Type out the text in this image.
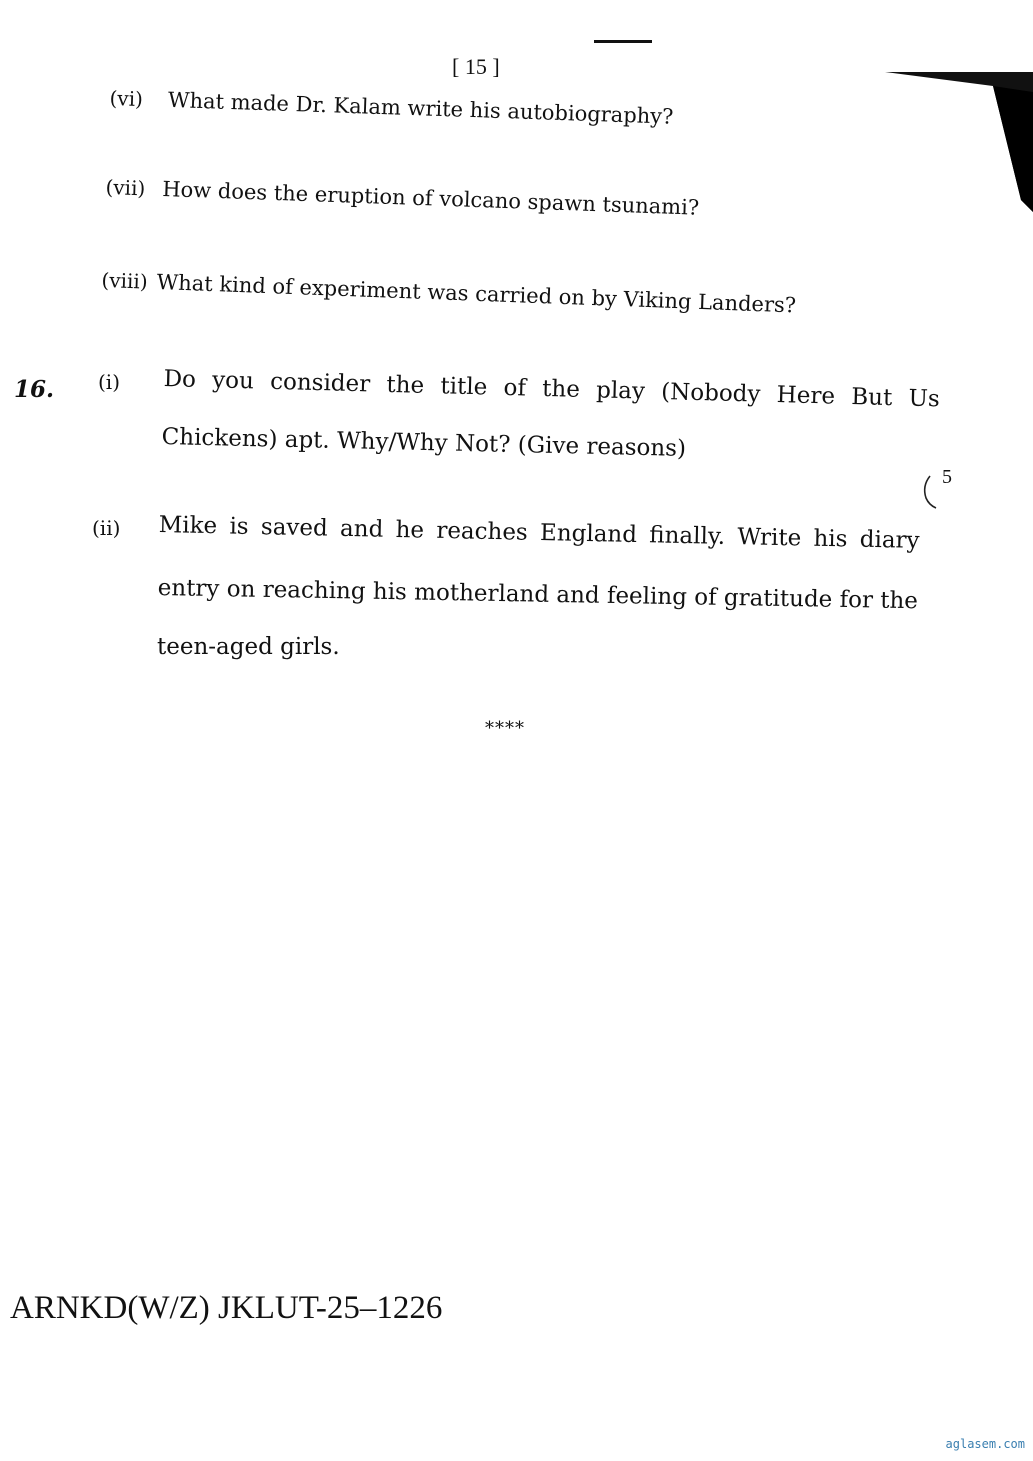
[ 15 ]
(vi) What made Dr. Kalam write his autobiography?
(vii) How does the eruption of volcano spawn tsunami?
(viii) What kind of experiment was carried on by Viking Landers?
16. (i) Do you consider the title of the play (Nobody Here But Us
Chickens) apt. Why/Why Not? (Give reasons)
5
(ii) Mike is saved and he reaches England finally. Write his diary
entry on reaching his motherland and feeling of gratitude for the
teen-aged girls.
****
ARNKD(W/Z) JKLUT-25–1226
aglasem.com
